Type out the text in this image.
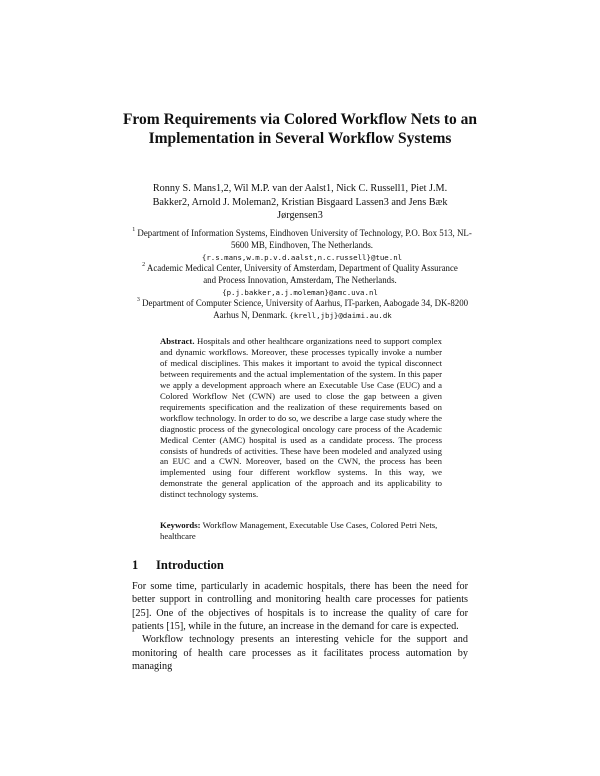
From Requirements via Colored Workflow Nets to an Implementation in Several Workflow Systems
Ronny S. Mans1,2, Wil M.P. van der Aalst1, Nick C. Russell1, Piet J.M. Bakker2, Arnold J. Moleman2, Kristian Bisgaard Lassen3 and Jens Bæk Jørgensen3
$^1$ Department of Information Systems, Eindhoven University of Technology, P.O. Box 513, NL-5600 MB, Eindhoven, The Netherlands.
{r.s.mans,w.m.p.v.d.aalst,n.c.russell}@tue.nl
$^2$ Academic Medical Center, University of Amsterdam, Department of Quality Assurance and Process Innovation, Amsterdam, The Netherlands.
{p.j.bakker,a.j.moleman}@amc.uva.nl
$^3$ Department of Computer Science, University of Aarhus, IT-parken, Aabogade 34, DK-8200 Aarhus N, Denmark. {krell,jbj}@daimi.au.dk
Abstract. Hospitals and other healthcare organizations need to support complex and dynamic workflows. Moreover, these processes typically invoke a number of medical disciplines. This makes it important to avoid the typical disconnect between requirements and the actual implementation of the system. In this paper we apply a development approach where an Executable Use Case (EUC) and a Colored Workflow Net (CWN) are used to close the gap between a given requirements specification and the realization of these requirements based on workflow technology. In order to do so, we describe a large case study where the diagnostic process of the gynecological oncology care process of the Academic Medical Center (AMC) hospital is used as a candidate process. The process consists of hundreds of activities. These have been modeled and analyzed using an EUC and a CWN. Moreover, based on the CWN, the process has been implemented using four different workflow systems. In this way, we demonstrate the general application of the approach and its applicability to distinct technology systems.
Keywords: Workflow Management, Executable Use Cases, Colored Petri Nets, healthcare
1 Introduction

For some time, particularly in academic hospitals, there has been the need for better support in controlling and monitoring health care processes for patients [25]. One of the objectives of hospitals is to increase the quality of care for patients [15], while in the future, an increase in the demand for care is expected.

Workflow technology presents an interesting vehicle for the support and monitoring of health care processes as it facilitates process automation by managing
